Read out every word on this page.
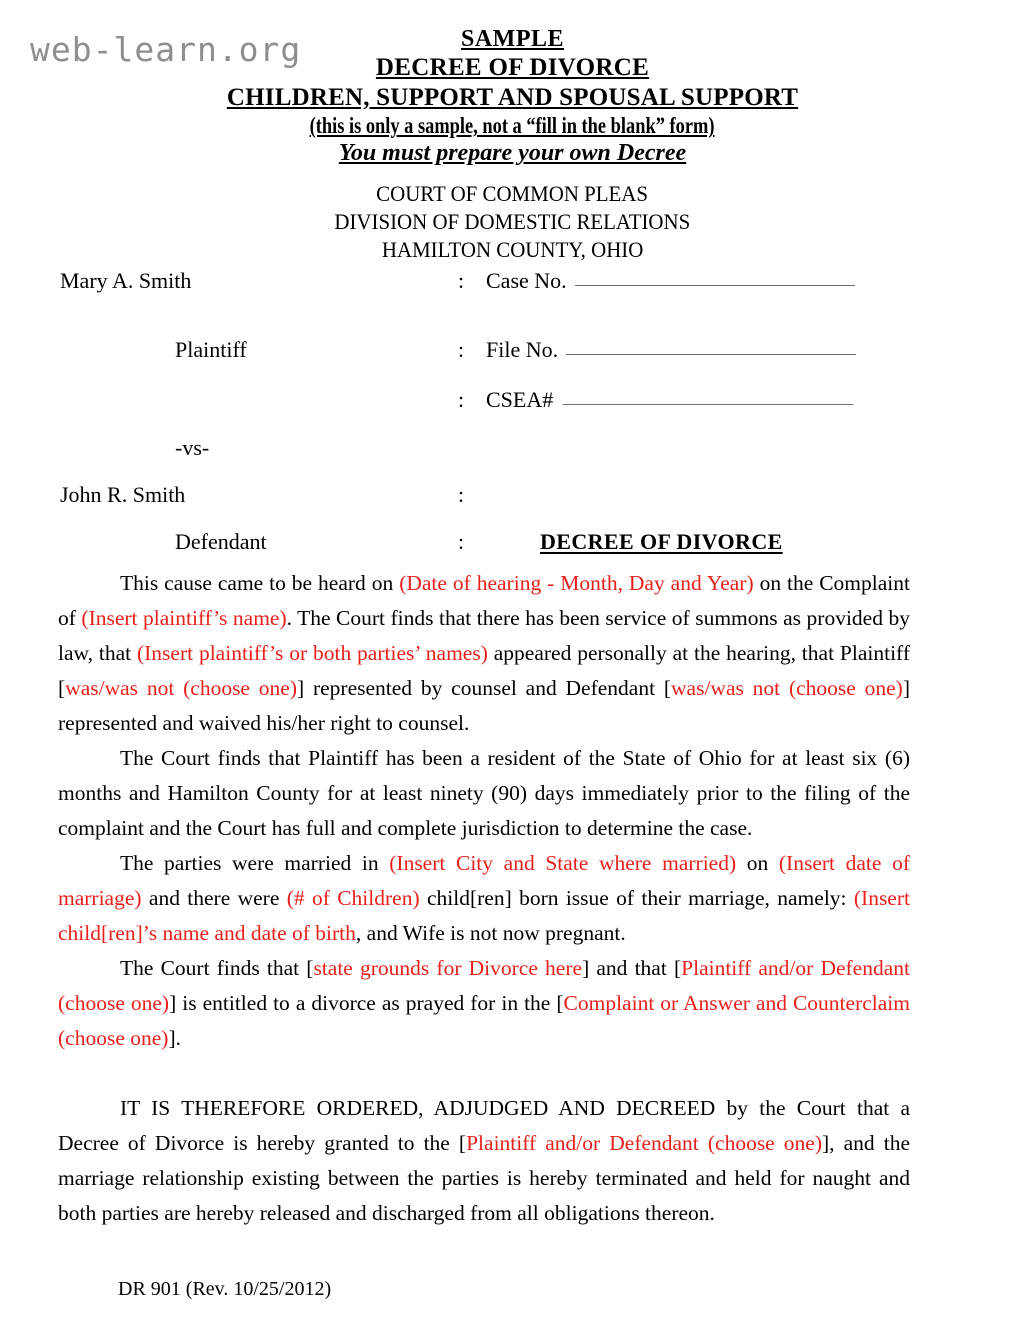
web-learn.org	SAMPLE
DECREE OF DIVORCE
CHILDREN, SUPPORT AND SPOUSAL SUPPORT
(this is only a sample, not a “fill in the blank” form)
You must prepare your own Decree
COURT OF COMMON PLEAS
DIVISION OF DOMESTIC RELATIONS
HAMILTON COUNTY, OHIO
Mary A. Smith	: Case No.
Plaintiff	: File No.
: CSEA#
-vs-
John R. Smith	:
Defendant	:	DECREE OF DIVORCE

This cause came to be heard on (Date of hearing - Month, Day and Year) on the Complaint of (Insert plaintiff’s name). The Court finds that there has been service of summons as provided by law, that (Insert plaintiff’s or both parties’ names) appeared personally at the hearing, that Plaintiff [was/was not (choose one)] represented by counsel and Defendant [was/was not (choose one)] represented and waived his/her right to counsel.

The Court finds that Plaintiff has been a resident of the State of Ohio for at least six (6) months and Hamilton County for at least ninety (90) days immediately prior to the filing of the complaint and the Court has full and complete jurisdiction to determine the case.

The parties were married in (Insert City and State where married) on (Insert date of marriage) and there were (# of Children) child[ren] born issue of their marriage, namely: (Insert child[ren]’s name and date of birth, and Wife is not now pregnant.

The Court finds that [state grounds for Divorce here] and that [Plaintiff and/or Defendant (choose one)] is entitled to a divorce as prayed for in the [Complaint or Answer and Counterclaim (choose one)].

IT IS THEREFORE ORDERED, ADJUDGED AND DECREED by the Court that a Decree of Divorce is hereby granted to the [Plaintiff and/or Defendant (choose one)], and the marriage relationship existing between the parties is hereby terminated and held for naught and both parties are hereby released and discharged from all obligations thereon.

DR 901 (Rev. 10/25/2012)
